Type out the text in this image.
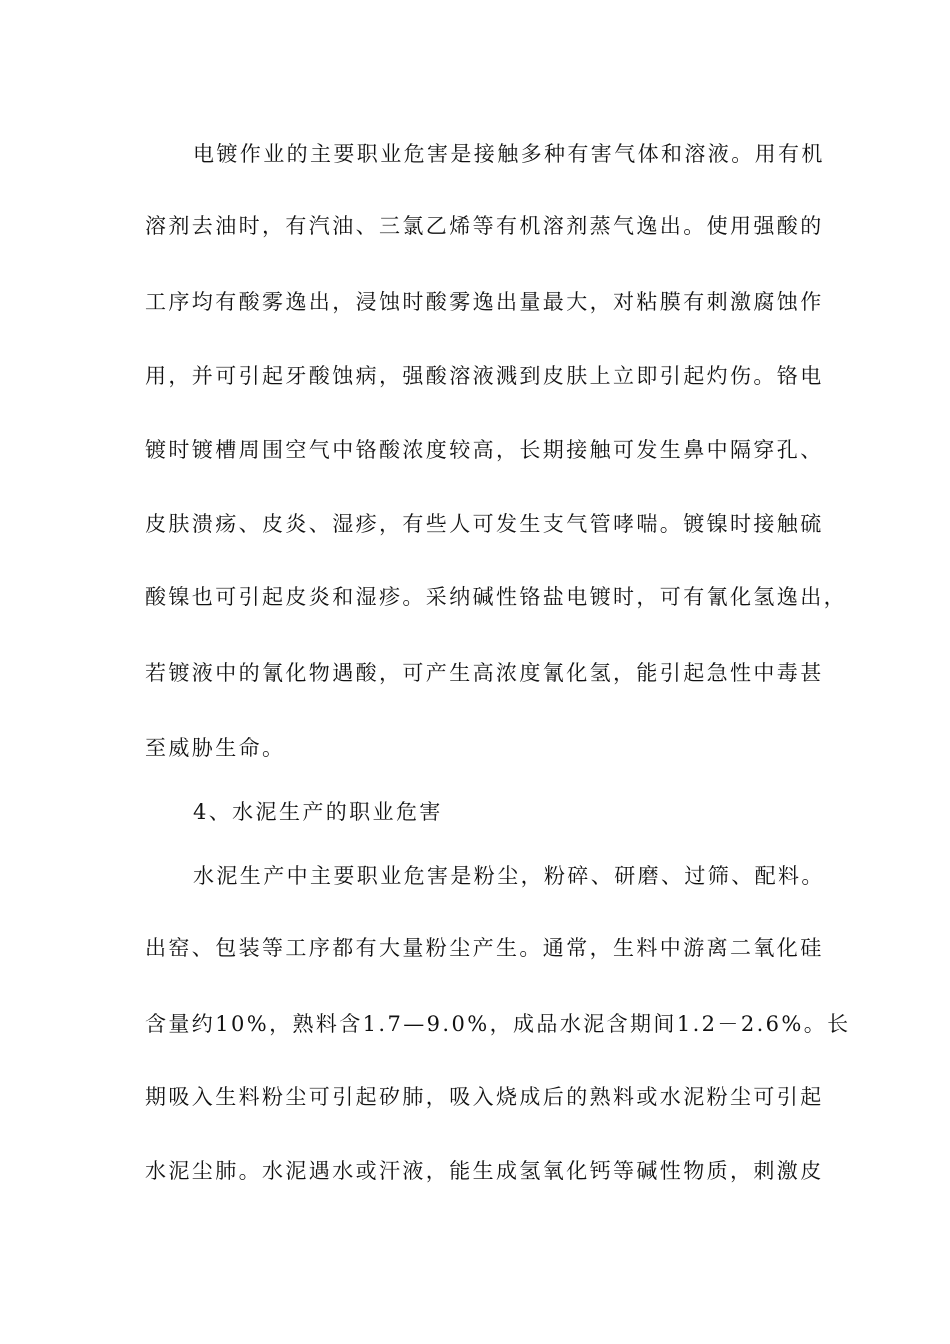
电镀作业的主要职业危害是接触多种有害气体和溶液。用有机
溶剂去油时，有汽油、三氯乙烯等有机溶剂蒸气逸出。使用强酸的
工序均有酸雾逸出，浸蚀时酸雾逸出量最大，对粘膜有刺激腐蚀作
用，并可引起牙酸蚀病，强酸溶液溅到皮肤上立即引起灼伤。铬电
镀时镀槽周围空气中铬酸浓度较高，长期接触可发生鼻中隔穿孔、
皮肤溃疡、皮炎、湿疹，有些人可发生支气管哮喘。镀镍时接触硫
酸镍也可引起皮炎和湿疹。采纳碱性铬盐电镀时，可有氰化氢逸出，
若镀液中的氰化物遇酸，可产生高浓度氰化氢，能引起急性中毒甚
至威胁生命。
4、水泥生产的职业危害
水泥生产中主要职业危害是粉尘，粉碎、研磨、过筛、配料。
出窑、包装等工序都有大量粉尘产生。通常，生料中游离二氧化硅
含量约10%，熟料含1.7—9.0%，成品水泥含期间1.2－2.6%。长
期吸入生料粉尘可引起矽肺，吸入烧成后的熟料或水泥粉尘可引起
水泥尘肺。水泥遇水或汗液，能生成氢氧化钙等碱性物质，刺激皮
